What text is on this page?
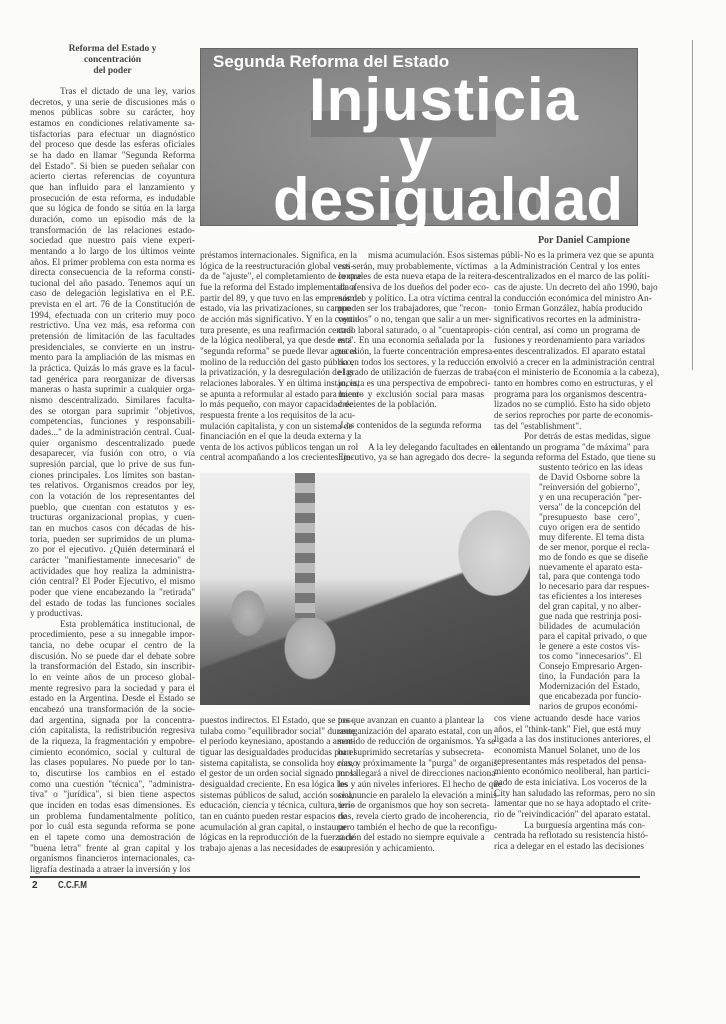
Reforma del Estado y
concentración
del poder	Segunda Reforma del Estado
Injusticia
y
desigualdad
Por Daniel Campione
Tras el dictado de una ley, varios
decretos, y una serie de discusiones más o
menos públicas sobre su carácter, hoy
estamos en condiciones relativamente sa-
tisfactorias para efectuar un diagnóstico
del proceso que desde las esferas oficiales
se ha dado en llamar "Segunda Reforma
del Estado". Si bien se pueden señalar con
acierto ciertas referencias de coyuntura
que han influido para el lanzamiento y
prosecución de esta reforma, es indudable
que su lógica de fondo se sitúa en la larga
duración, como un episodio más de la
transformación de las relaciones estado-
sociedad que nuestro país viene experi-
mentando a lo largo de los últimos veinte
años. El primer problema con esta norma es
directa consecuencia de la reforma consti-
tucional del año pasado. Tenemos aquí un
caso de delegación legislativa en el P.E.
prevista en el art. 76 de la Constitución de
1994, efectuada con un criterio muy poco
restrictivo. Una vez más, esa reforma con
pretensión de limitación de las facultades
presidenciales, se convierte en un instru-
mento para la ampliación de las mismas en
la práctica. Quizás lo más grave es la facul-
tad genérica para reorganizar de diversas
maneras o hasta suprimir a cualquier orga-
nismo descentralizado. Similares faculta-
des se otorgan para suprimir "objetivos,
competencias, funciones y responsabili-
dades..." de la administración central. Cual-
quier organismo descentralizado puede
desaparecer, vía fusión con otro, o vía
supresión parcial, que lo prive de sus fun-
ciones principales. Los límites son bastan-
tes relativos. Organismos creados por ley,
con la votación de los representantes del
pueblo, que cuentan con estatutos y es-
tructuras organizacional propias, y cuen-
tan en muchos casos con décadas de his-
toria, pueden ser suprimidos de un pluma-
zo por el ejecutivo. ¿Quién determinará el
carácter "manifiestamente innecesario" de
actividades que hoy realiza la administra-
ción central? El Poder Ejecutivo, el mismo
poder que viene encabezando la "retirada"
del estado de todas las funciones sociales
y productivas.
Esta problemática institucional, de
procedimiento, pese a su innegable impor-
tancia, no debe ocupar el centro de la
discusión. No se puede dar el debate sobre
la transformación del Estado, sin inscribir-
lo en veinte años de un proceso global-
mente regresivo para la sociedad y para el
estado en la Argentina. Desde el Estado se
encabezó una transformación de la socie-
dad argentina, signada por la concentra-
ción capitalista, la redistribución regresiva
de la riqueza, la fragmentación y empobre-
cimiento económico, social y cultural de
las clases populares. No puede por lo tan-
to, discutirse los cambios en el estado
como una cuestión "técnica", "administra-
tiva" o "jurídica", si bien tiene aspectos
que inciden en todas esas dimensiones. Es
un problema fundamentalmente político,
por lo cuál esta segunda reforma se pone
en el tapete como una demostración de
"buena letra" frente al gran capital y los
organismos financieros internacionales, ca-
ligrafía destinada a atraer la inversión y los
préstamos internacionales. Significa, en la
lógica de la reestructuración global vesti-
da de "ajuste", el completamiento de lo que
fue la reforma del Estado implementada a
partir del 89, y que tuvo en las empresas del
estado, vía las privatizaciones, su campo
de acción más significativo. Y en la coyun-
tura presente, es una reafirmación central
de la lógica neoliberal, ya que desde esta
"segunda reforma" se puede llevar agua al
molino de la reducción del gasto público,
la privatización, y la desregulación de las
relaciones laborales. Y en última instancia,
se apunta a reformular al estado para hacer-
lo más pequeño, con mayor capacidad de
respuesta frente a los requisitos de la acu-
mulación capitalista, y con un sistema de
financiación en el que la deuda externa y la
venta de los activos públicos tengan un rol
central acompañando a los crecientes im-
misma acumulación. Esos sistemas públi-
cos serán, muy probablemente, víctimas
centrales de esta nueva etapa de la reitera-
da ofensiva de los dueños del poder eco-
nómico y político. La otra víctima central
pueden ser los trabajadores, que "recon-
vertidos" o no, tengan que salir a un mer-
cado laboral saturado, o al "cuentapropis-
mo". En una economía señalada por la
recesión, la fuerte concentración empresa-
ria en todos los sectores, y la reducción en
el grado de utilización de fuerzas de traba-
jo, esta es una perspectiva de empobreci-
miento y exclusión social para masas
crecientes de la población.
Los contenidos de la segunda reforma
A la ley delegando facultades en el
Ejecutivo, ya se han agregado dos decre-
No es la primera vez que se apunta
a la Administración Central y los entes
descentralizados en el marco de las políti-
cas de ajuste. Un decreto del año 1990, bajo
la conducción económica del ministro An-
tonio Erman González, había producido
significativos recortes en la administra-
ción central, así como un programa de
fusiones y reordenamiento para variados
entes descentralizados. El aparato estatal
volvió a crecer en la administración central
(con el ministerio de Economía a la cabeza),
tanto en hombres como en estructuras, y el
programa para los organismos descentra-
lizados no se cumplió. Esto ha sido objeto
de serios reproches por parte de economis-
tas del "establishment".
Por detrás de estas medidas, sigue
alentando un programa "de máxima" para
la segunda reforma del Estado, que tiene su
sustento teórico en las ideas
de David Osborne sobre la
"reinversión del gobierno",
y en una recuperación "per-
versa" de la concepción del
"presupuesto base cero",
cuyo origen era de sentido
muy diferente. El tema dista
de ser menor, porque el recla-
mo de fondo es que se diseñe
nuevamente el aparato esta-
tal, para que contenga todo
lo necesario para dar respues-
tas eficientes a los intereses
del gran capital, y no alber-
gue nada que restrinja posi-
bilidades de acumulación
para el capital privado, o que
le genere a este costos vis-
tos como "innecesarios". El
Consejo Empresario Argen-
tino, la Fundación para la
Modernización del Estado,
que encabezada por funcio-
narios de grupos económi-
puestos indirectos. El Estado, que se pos-
tulaba como "equilibrador social" durante
el período keynesiano, apostando a amor-
tiguar las desigualdades producidas por el
sistema capitalista, se consolida hoy como
el gestor de un orden social signado por la
desigualdad creciente. En esa lógica los
sistemas públicos de salud, acción social,
educación, ciencia y técnica, cultura, irri-
tan en cuánto pueden restar espacios de
acumulación al gran capital, o instaurar
lógicas en la reproducción de la fuerza de
trabajo ajenas a las necesidades de esa
tos que avanzan en cuanto a plantear la
reorganización del aparato estatal, con un
sentido de reducción de organismos. Ya se
han suprimido secretarías y subsecreta-
rías, y próximamente la "purga" de organis-
mos llegará a nivel de direcciones naciona-
les y aún niveles inferiores. El hecho de que
se anuncie en paralelo la elevación a minis-
terio de organismos que hoy son secreta-
rías, revela cierto grado de incoherencia,
pero también el hecho de que la reconfigu-
ración del estado no siempre equivale a
supresión y achicamiento.
cos viene actuando desde hace varios
años, el "think-tank" Fiel, que está muy
ligada a las dos instituciones anteriores, el
economista Manuel Solanet, uno de los
representantes más respetados del pensa-
miento económico neoliberal, han partici-
pado de esta iniciativa. Los voceros de la
City han saludado las reformas, pero no sin
lamentar que no se haya adoptado el crite-
rio de "reivindicación" del aparato estatal.
La burguesía argentina más con-
centrada ha reflotado su resistencia histó-
rica a delegar en el estado las decisiones
2 C.C.F.M
